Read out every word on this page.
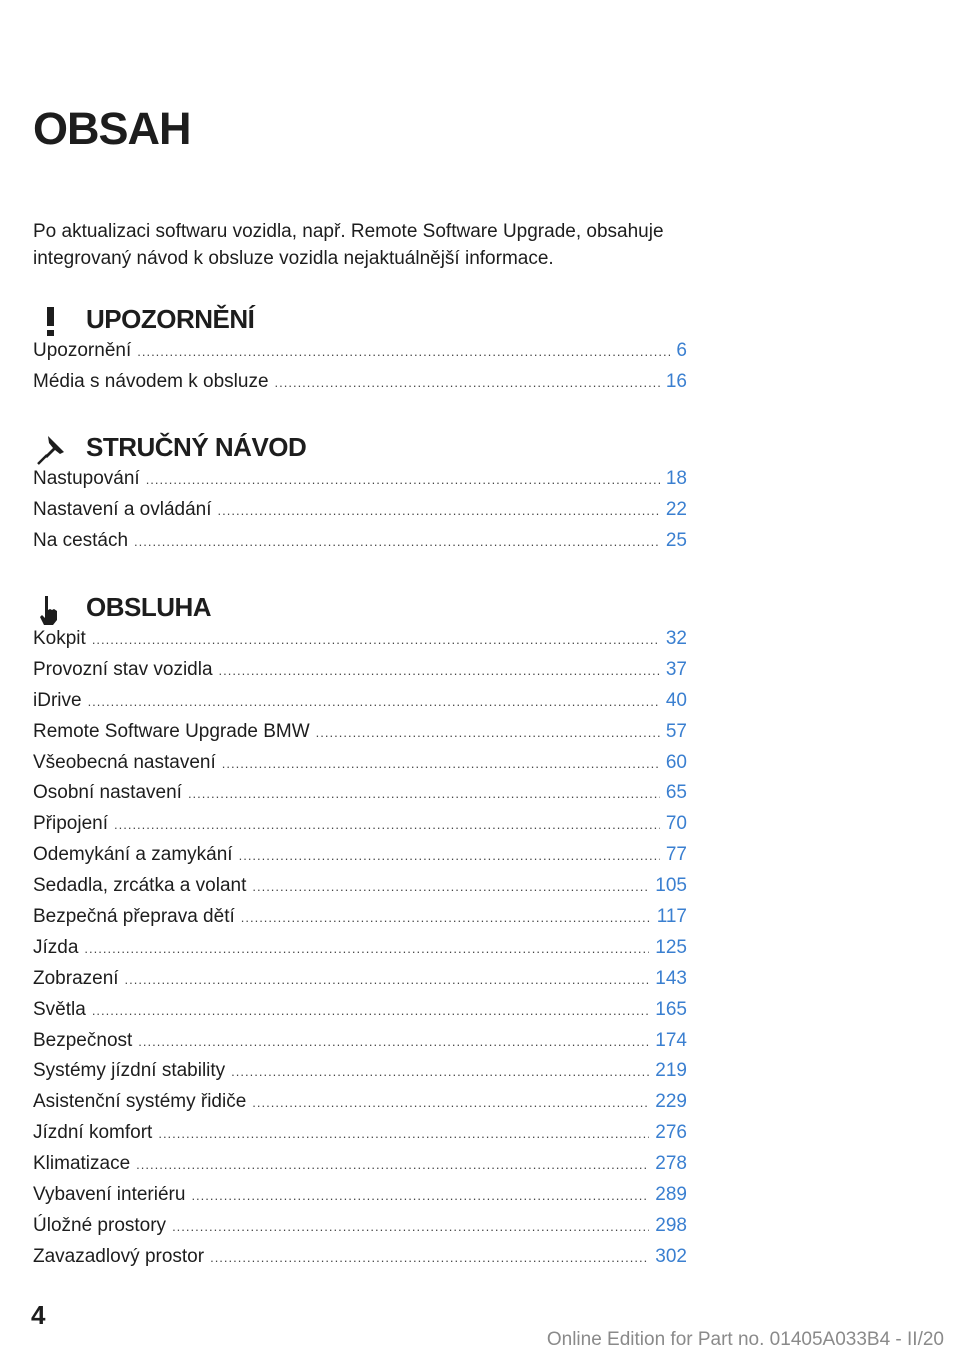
OBSAH

Po aktualizaci softwaru vozidla, např. Remote Software Upgrade, obsahuje integrovaný návod k obsluze vozidla nejaktuálnější informace.

UPOZORNĚNÍ
Upozornění .....	6
Média s návodem k obsluze .....	16
STRUČNÝ NÁVOD
Nastupování .....	18
Nastavení a ovládání .....	22
Na cestách .....	25
OBSLUHA
Kokpit .....	32
Provozní stav vozidla .....	37
iDrive .....	40
Remote Software Upgrade BMW .....	57
Všeobecná nastavení .....	60
Osobní nastavení .....	65
Připojení .....	70
Odemykání a zamykání .....	77
Sedadla, zrcátka a volant .....	105
Bezpečná přeprava dětí .....	117
Jízda .....	125
Zobrazení .....	143
Světla .....	165
Bezpečnost .....	174
Systémy jízdní stability .....	219
Asistenční systémy řidiče .....	229
Jízdní komfort .....	276
Klimatizace .....	278
Vybavení interiéru .....	289
Úložné prostory .....	298
Zavazadlový prostor .....	302
4
Online Edition for Part no. 01405A033B4 - II/20
